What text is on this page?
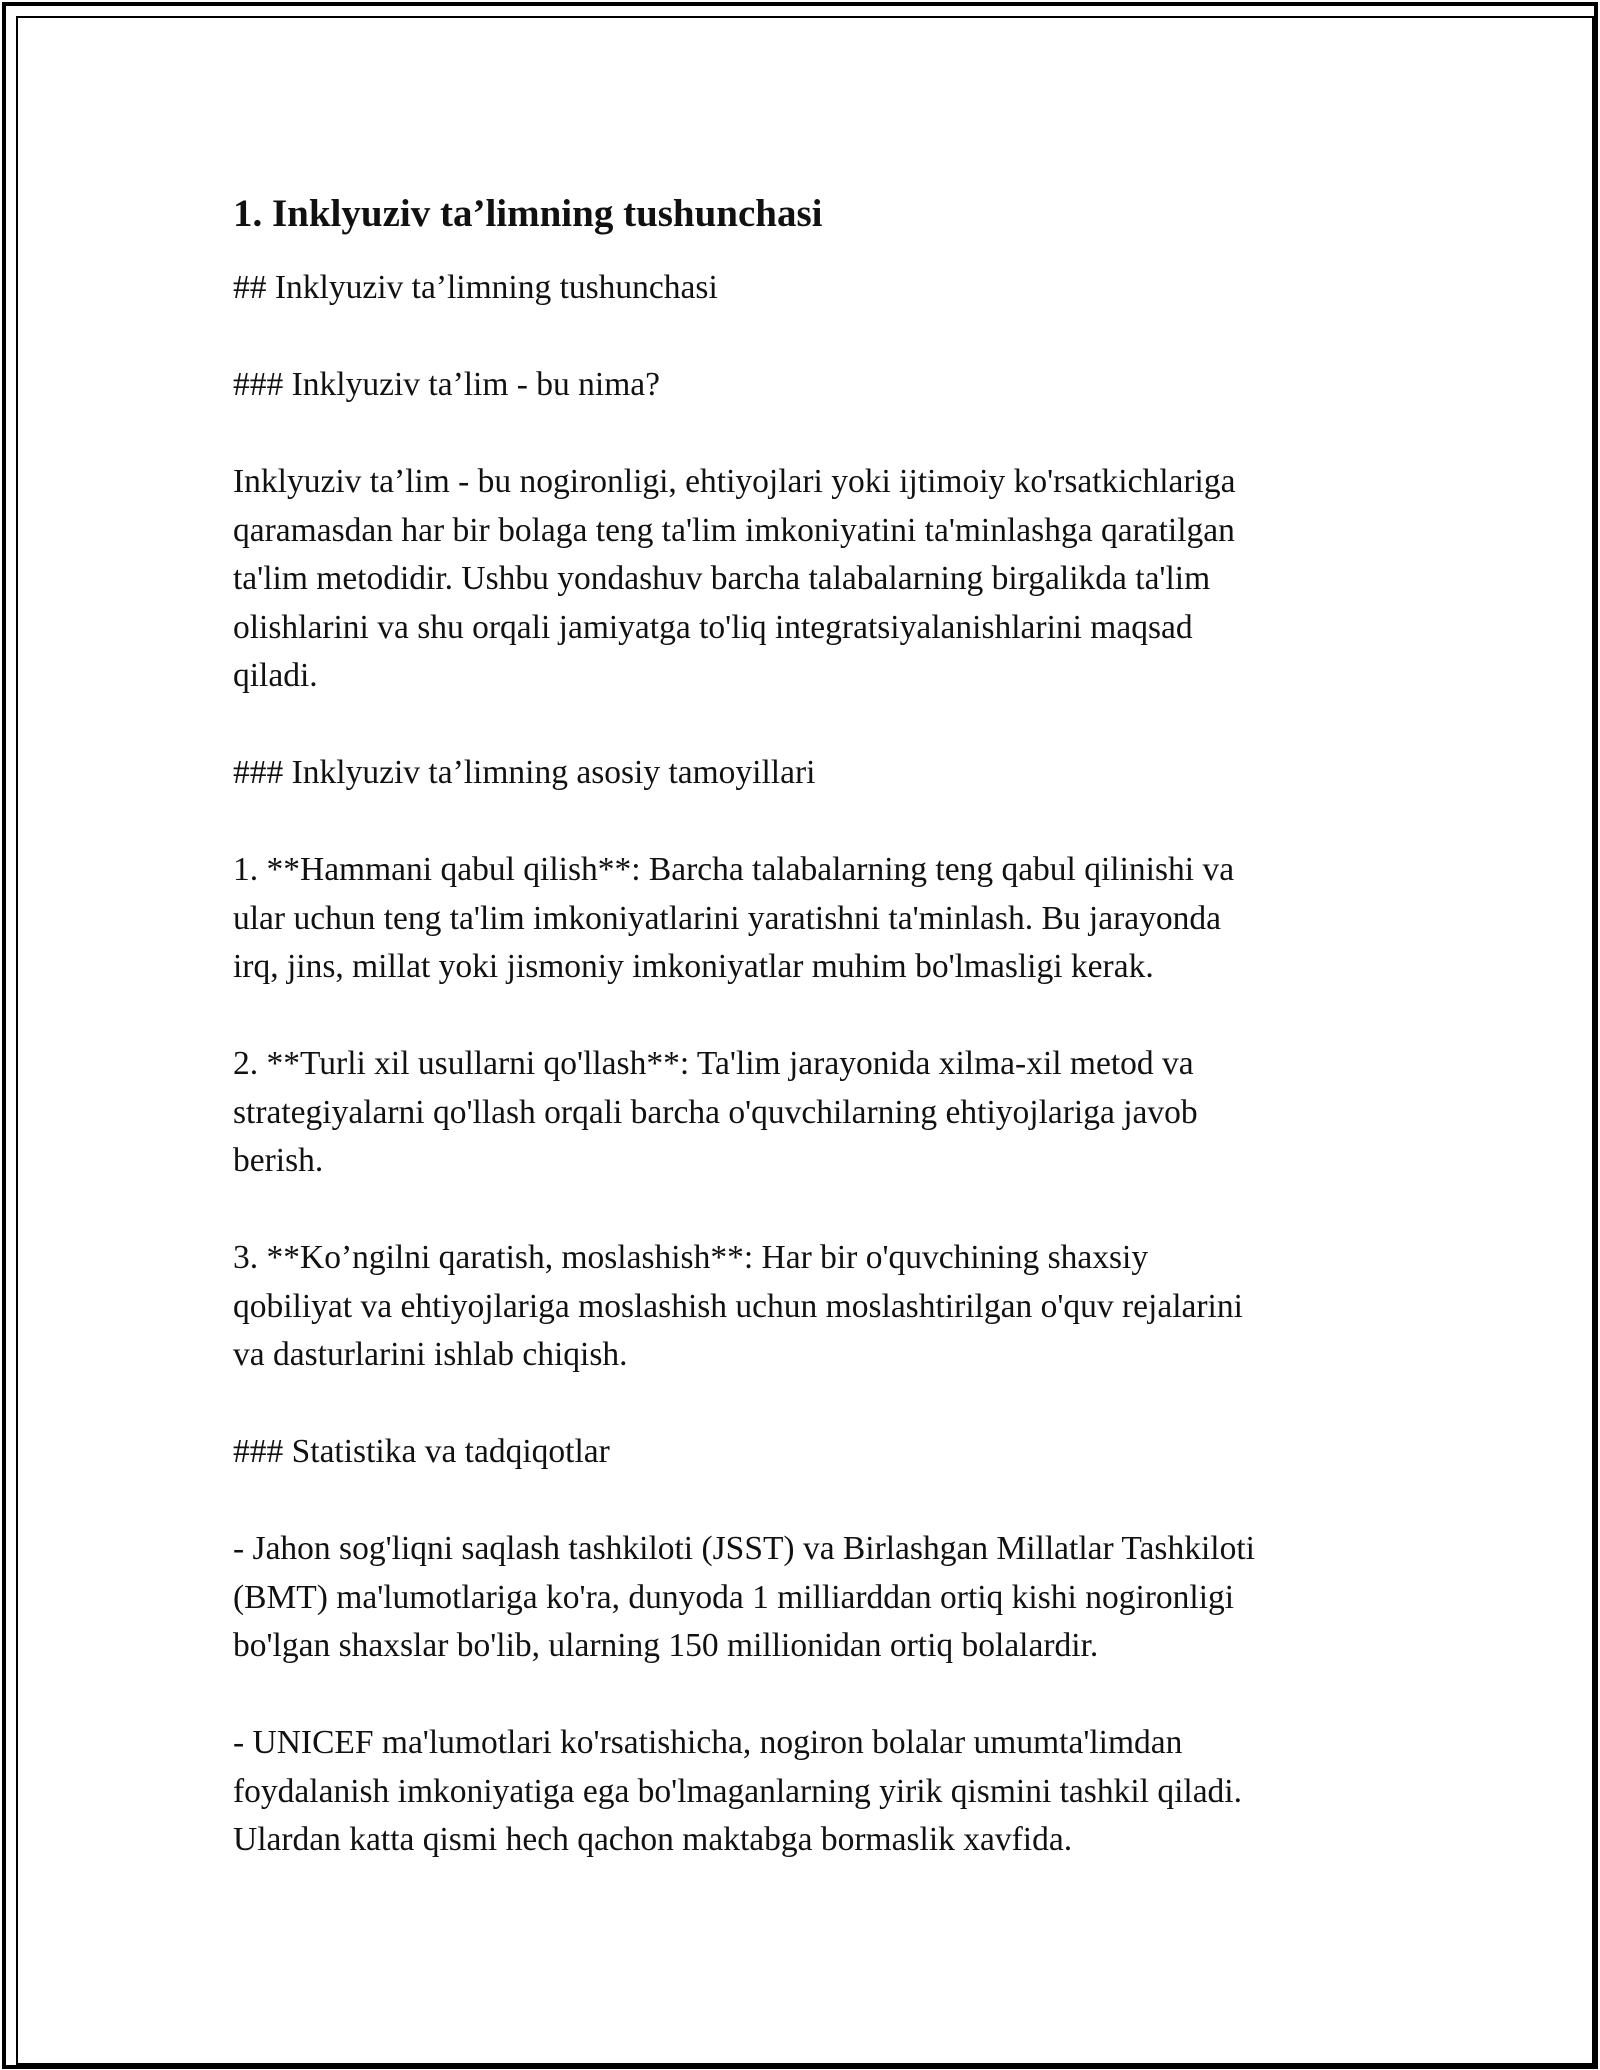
1. Inklyuziv ta’limning tushunchasi
## Inklyuziv ta’limning tushunchasi
### Inklyuziv ta’lim - bu nima?
Inklyuziv ta’lim - bu nogironligi, ehtiyojlari yoki ijtimoiy ko'rsatkichlariga
qaramasdan har bir bolaga teng ta'lim imkoniyatini ta'minlashga qaratilgan
ta'lim metodidir. Ushbu yondashuv barcha talabalarning birgalikda ta'lim
olishlarini va shu orqali jamiyatga to'liq integratsiyalanishlarini maqsad
qiladi.
### Inklyuziv ta’limning asosiy tamoyillari
1. **Hammani qabul qilish**: Barcha talabalarning teng qabul qilinishi va
ular uchun teng ta'lim imkoniyatlarini yaratishni ta'minlash. Bu jarayonda
irq, jins, millat yoki jismoniy imkoniyatlar muhim bo'lmasligi kerak.
2. **Turli xil usullarni qo'llash**: Ta'lim jarayonida xilma-xil metod va
strategiyalarni qo'llash orqali barcha o'quvchilarning ehtiyojlariga javob
berish.
3. **Ko’ngilni qaratish, moslashish**: Har bir o'quvchining shaxsiy
qobiliyat va ehtiyojlariga moslashish uchun moslashtirilgan o'quv rejalarini
va dasturlarini ishlab chiqish.
### Statistika va tadqiqotlar
- Jahon sog'liqni saqlash tashkiloti (JSST) va Birlashgan Millatlar Tashkiloti
(BMT) ma'lumotlariga ko'ra, dunyoda 1 milliarddan ortiq kishi nogironligi
bo'lgan shaxslar bo'lib, ularning 150 millionidan ortiq bolalardir.
- UNICEF ma'lumotlari ko'rsatishicha, nogiron bolalar umumta'limdan
foydalanish imkoniyatiga ega bo'lmaganlarning yirik qismini tashkil qiladi.
Ulardan katta qismi hech qachon maktabga bormaslik xavfida.
